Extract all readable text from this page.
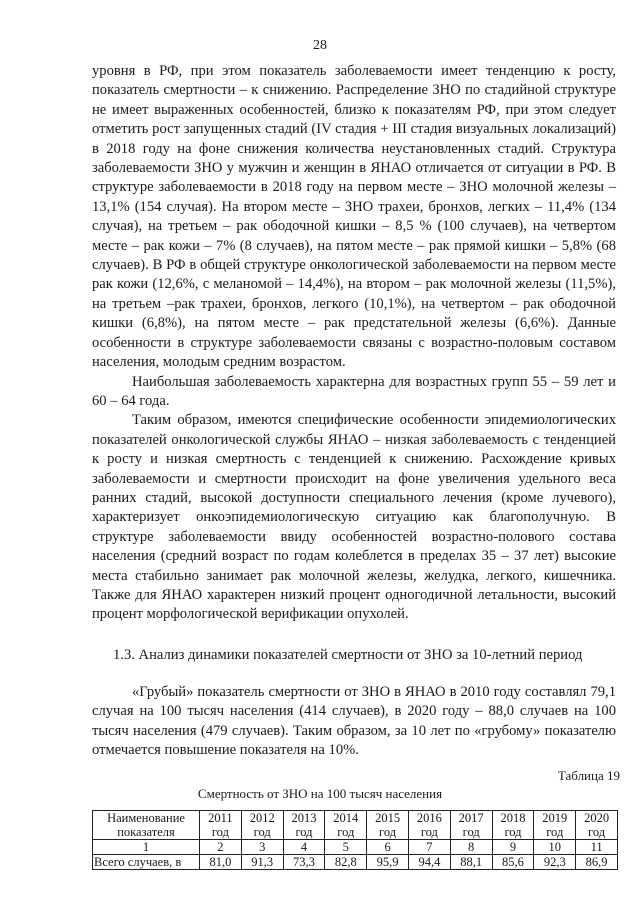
28

уровня в РФ, при этом показатель заболеваемости имеет тенденцию к росту, показатель смертности – к снижению. Распределение ЗНО по стадийной структуре не имеет выраженных особенностей, близко к показателям РФ, при этом следует отметить рост запущенных стадий (IV стадия + III стадия визуальных локализаций) в 2018 году на фоне снижения количества неустановленных стадий. Структура заболеваемости ЗНО у мужчин и женщин в ЯНАО отличается от ситуации в РФ. В структуре заболеваемости в 2018 году на первом месте – ЗНО молочной железы – 13,1% (154 случая). На втором месте – ЗНО трахеи, бронхов, легких – 11,4% (134 случая), на третьем – рак ободочной кишки – 8,5 % (100 случаев), на четвертом месте – рак кожи – 7% (8 случаев), на пятом месте – рак прямой кишки – 5,8% (68 случаев). В РФ в общей структуре онкологической заболеваемости на первом месте рак кожи (12,6%, с меланомой – 14,4%), на втором – рак молочной железы (11,5%), на третьем –рак трахеи, бронхов, легкого (10,1%), на четвертом – рак ободочной кишки (6,8%), на пятом месте – рак предстательной железы (6,6%). Данные особенности в структуре заболеваемости связаны с возрастно-половым составом населения, молодым средним возрастом.

Наибольшая заболеваемость характерна для возрастных групп 55 – 59 лет и 60 – 64 года.

Таким образом, имеются специфические особенности эпидемиологических показателей онкологической службы ЯНАО – низкая заболеваемость с тенденцией к росту и низкая смертность с тенденцией к снижению. Расхождение кривых заболеваемости и смертности происходит на фоне увеличения удельного веса ранних стадий, высокой доступности специального лечения (кроме лучевого), характеризует онкоэпидемиологическую ситуацию как благополучную. В структуре заболеваемости ввиду особенностей возрастно-полового состава населения (средний возраст по годам колеблется в пределах 35 – 37 лет) высокие места стабильно занимает рак молочной железы, желудка, легкого, кишечника. Также для ЯНАО характерен низкий процент одногодичной летальности, высокий процент морфологической верификации опухолей.

1.3. Анализ динамики показателей смертности от ЗНО за 10-летний период

«Грубый» показатель смертности от ЗНО в ЯНАО в 2010 году составлял 79,1 случая на 100 тысяч населения (414 случаев), в 2020 году – 88,0 случаев на 100 тысяч населения (479 случаев). Таким образом, за 10 лет по «грубому» показателю отмечается повышение показателя на 10%.

Таблица 19
Смертность от ЗНО на 100 тысяч населения
Наименование показателя	2011 год	2012 год	2013 год	2014 год	2015 год	2016 год	2017 год	2018 год	2019 год	2020 год
1	2	3	4	5	6	7	8	9	10	11
Всего случаев, в	81,0	91,3	73,3	82,8	95,9	94,4	88,1	85,6	92,3	86,9
